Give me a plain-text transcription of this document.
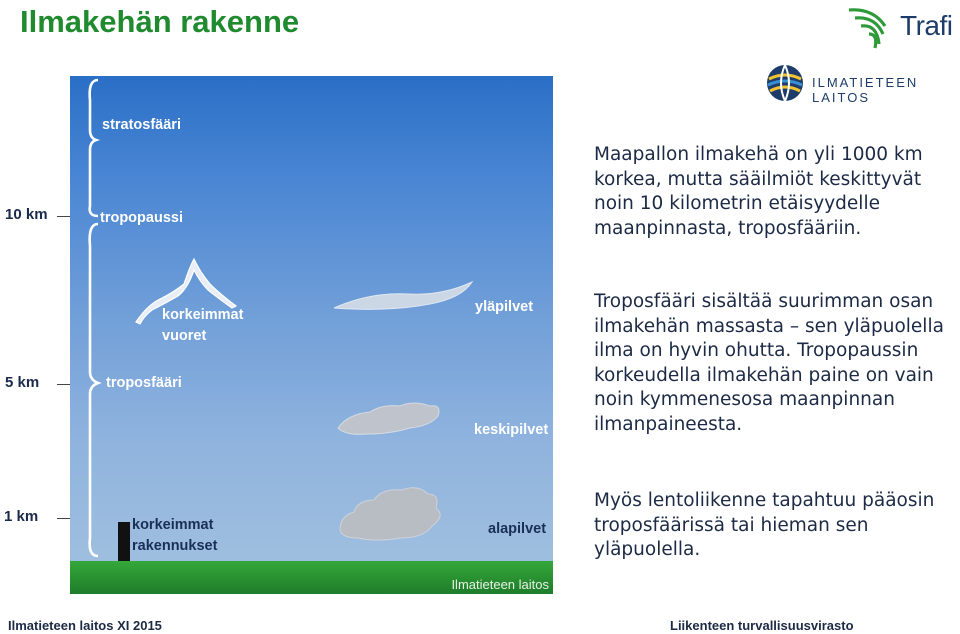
Ilmakehän rakenne	Trafi
ILMATIETEEN LAITOS
10 km
5 km
1 km
stratosfääri
tropopaussi
troposfääri
korkeimmat
vuoret
yläpilvet
keskipilvet
korkeimmat
rakennukset
alapilvet
Ilmatieteen laitos
Maapallon ilmakehä on yli 1000 km korkea, mutta sääilmiöt keskittyvät noin 10 kilometrin etäisyydelle maanpinnasta, troposfääriin.
Troposfääri sisältää suurimman osan ilmakehän massasta – sen yläpuolella ilma on hyvin ohutta. Tropopaussin korkeudella ilmakehän paine on vain noin kymmenesosa maanpinnan ilmanpaineesta.
Myös lentoliikenne tapahtuu pääosin troposfäärissä tai hieman sen yläpuolella.
Ilmatieteen laitos XI 2015	Liikenteen turvallisuusvirasto
